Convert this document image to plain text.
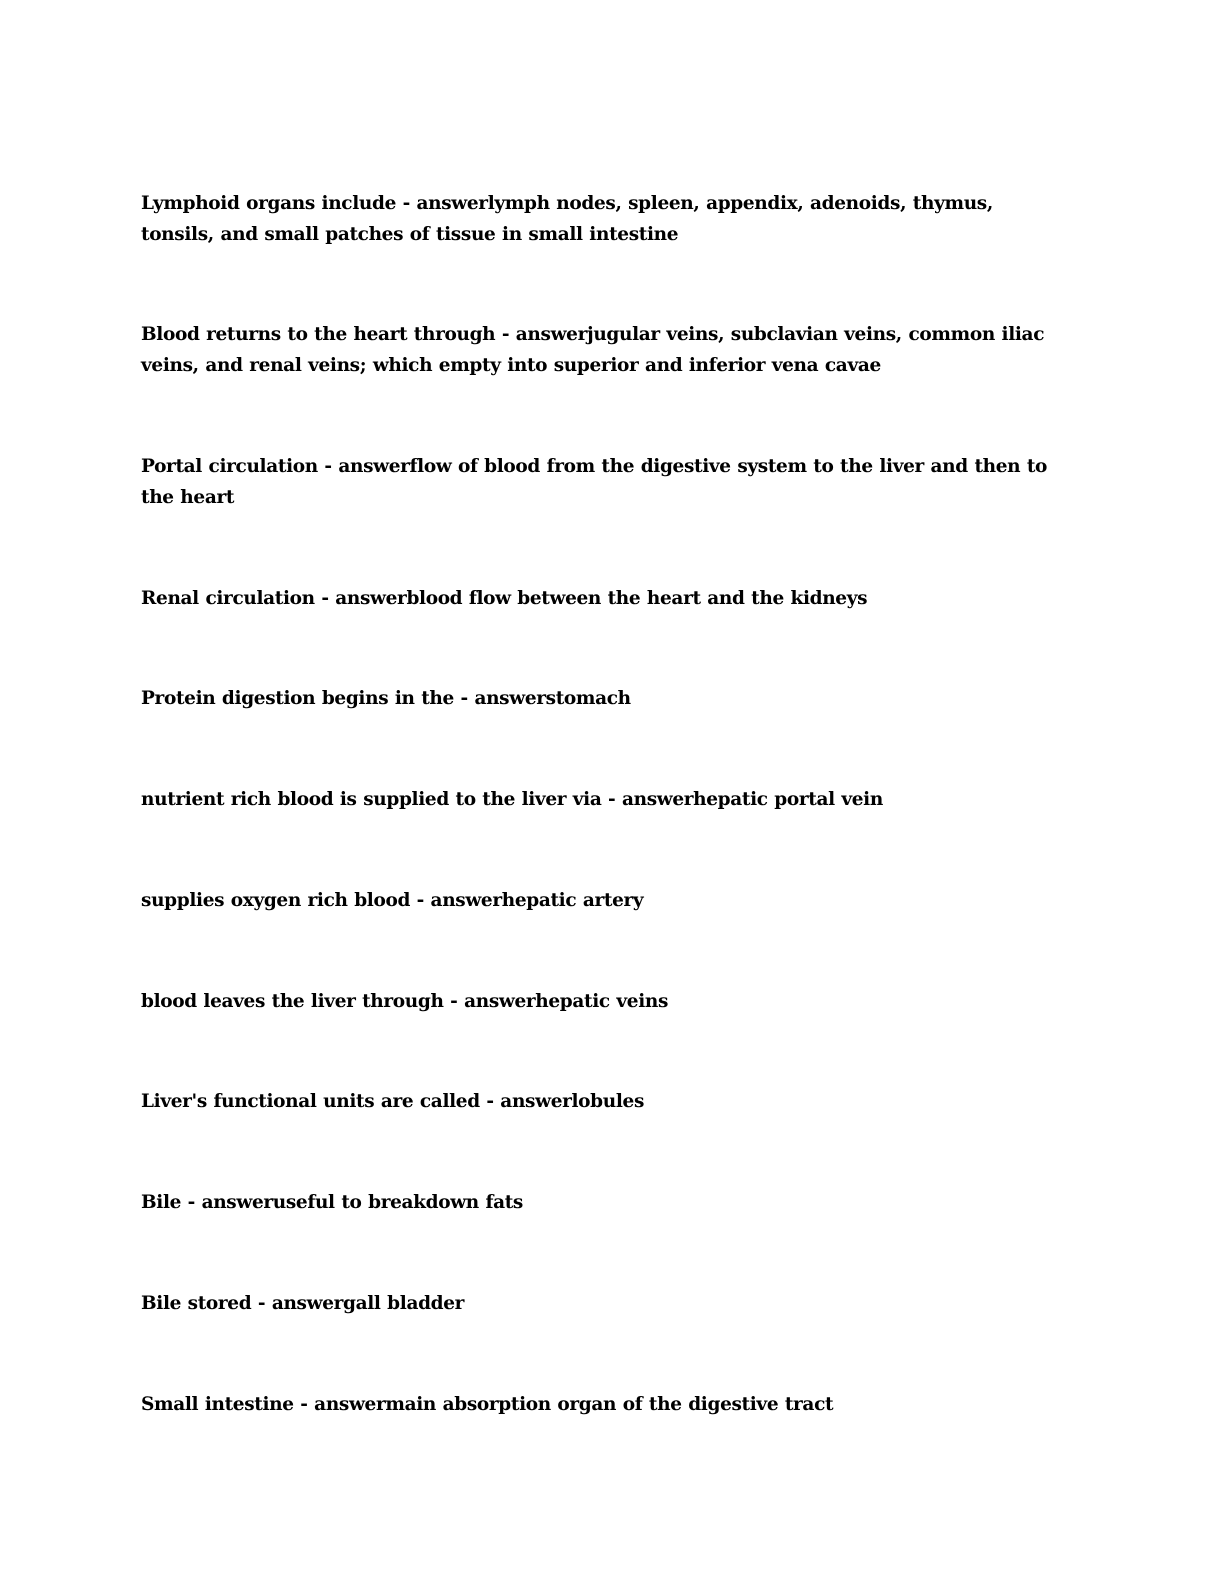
Lymphoid organs include - answerlymph nodes, spleen, appendix, adenoids, thymus, tonsils, and small patches of tissue in small intestine

Blood returns to the heart through - answerjugular veins, subclavian veins, common iliac veins, and renal veins; which empty into superior and inferior vena cavae

Portal circulation - answerflow of blood from the digestive system to the liver and then to the heart

Renal circulation - answerblood flow between the heart and the kidneys

Protein digestion begins in the - answerstomach

nutrient rich blood is supplied to the liver via - answerhepatic portal vein

supplies oxygen rich blood - answerhepatic artery

blood leaves the liver through - answerhepatic veins

Liver's functional units are called - answerlobules

Bile - answeruseful to breakdown fats

Bile stored - answergall bladder

Small intestine - answermain absorption organ of the digestive tract
